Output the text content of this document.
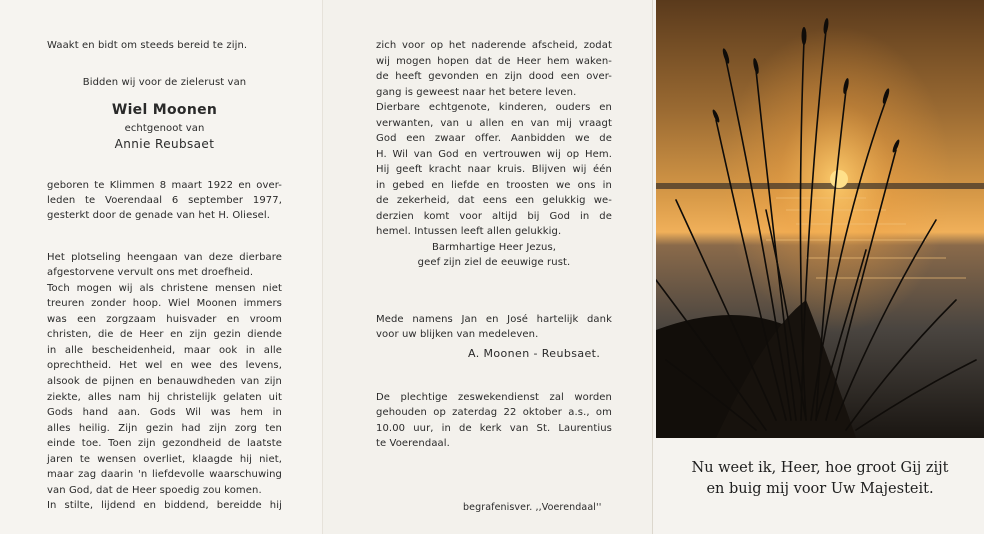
Waakt en bidt om steeds bereid te zijn.
Bidden wij voor de zielerust van
Wiel Moonen
echtgenoot van
Annie Reubsaet
geboren te Klimmen 8 maart 1922 en over-
leden te Voerendaal 6 september 1977,
gesterkt door de genade van het H. Oliesel.
Het plotseling heengaan van deze dierbare
afgestorvene vervult ons met droefheid.
Toch mogen wij als christene mensen niet
treuren zonder hoop. Wiel Moonen immers
was een zorgzaam huisvader en vroom
christen, die de Heer en zijn gezin diende
in alle bescheidenheid, maar ook in alle
oprechtheid. Het wel en wee des levens,
alsook de pijnen en benauwdheden van zijn
ziekte, alles nam hij christelijk gelaten uit
Gods hand aan. Gods Wil was hem in
alles heilig. Zijn gezin had zijn zorg ten
einde toe. Toen zijn gezondheid de laatste
jaren te wensen overliet, klaagde hij niet,
maar zag daarin 'n liefdevolle waarschuwing
van God, dat de Heer spoedig zou komen.
In stilte, lijdend en biddend, bereidde hij
zich voor op het naderende afscheid, zodat
wij mogen hopen dat de Heer hem waken-
de heeft gevonden en zijn dood een over-
gang is geweest naar het betere leven.
Dierbare echtgenote, kinderen, ouders en
verwanten, van u allen en van mij vraagt
God een zwaar offer. Aanbidden we de
H. Wil van God en vertrouwen wij op Hem.
Hij geeft kracht naar kruis. Blijven wij één
in gebed en liefde en troosten we ons in
de zekerheid, dat eens een gelukkig we-
derzien komt voor altijd bij God in de
hemel. Intussen leeft allen gelukkig.
Barmhartige Heer Jezus,
geef zijn ziel de eeuwige rust.
Mede namens Jan en José hartelijk dank
voor uw blijken van medeleven.
A. Moonen - Reubsaet.
De plechtige zeswekendienst zal worden
gehouden op zaterdag 22 oktober a.s., om
10.00 uur, in de kerk van St. Laurentius
te Voerendaal.
begrafenisver. ,,Voerendaal''
Nu weet ik, Heer, hoe groot Gij zijt
en buig mij voor Uw Majesteit.
